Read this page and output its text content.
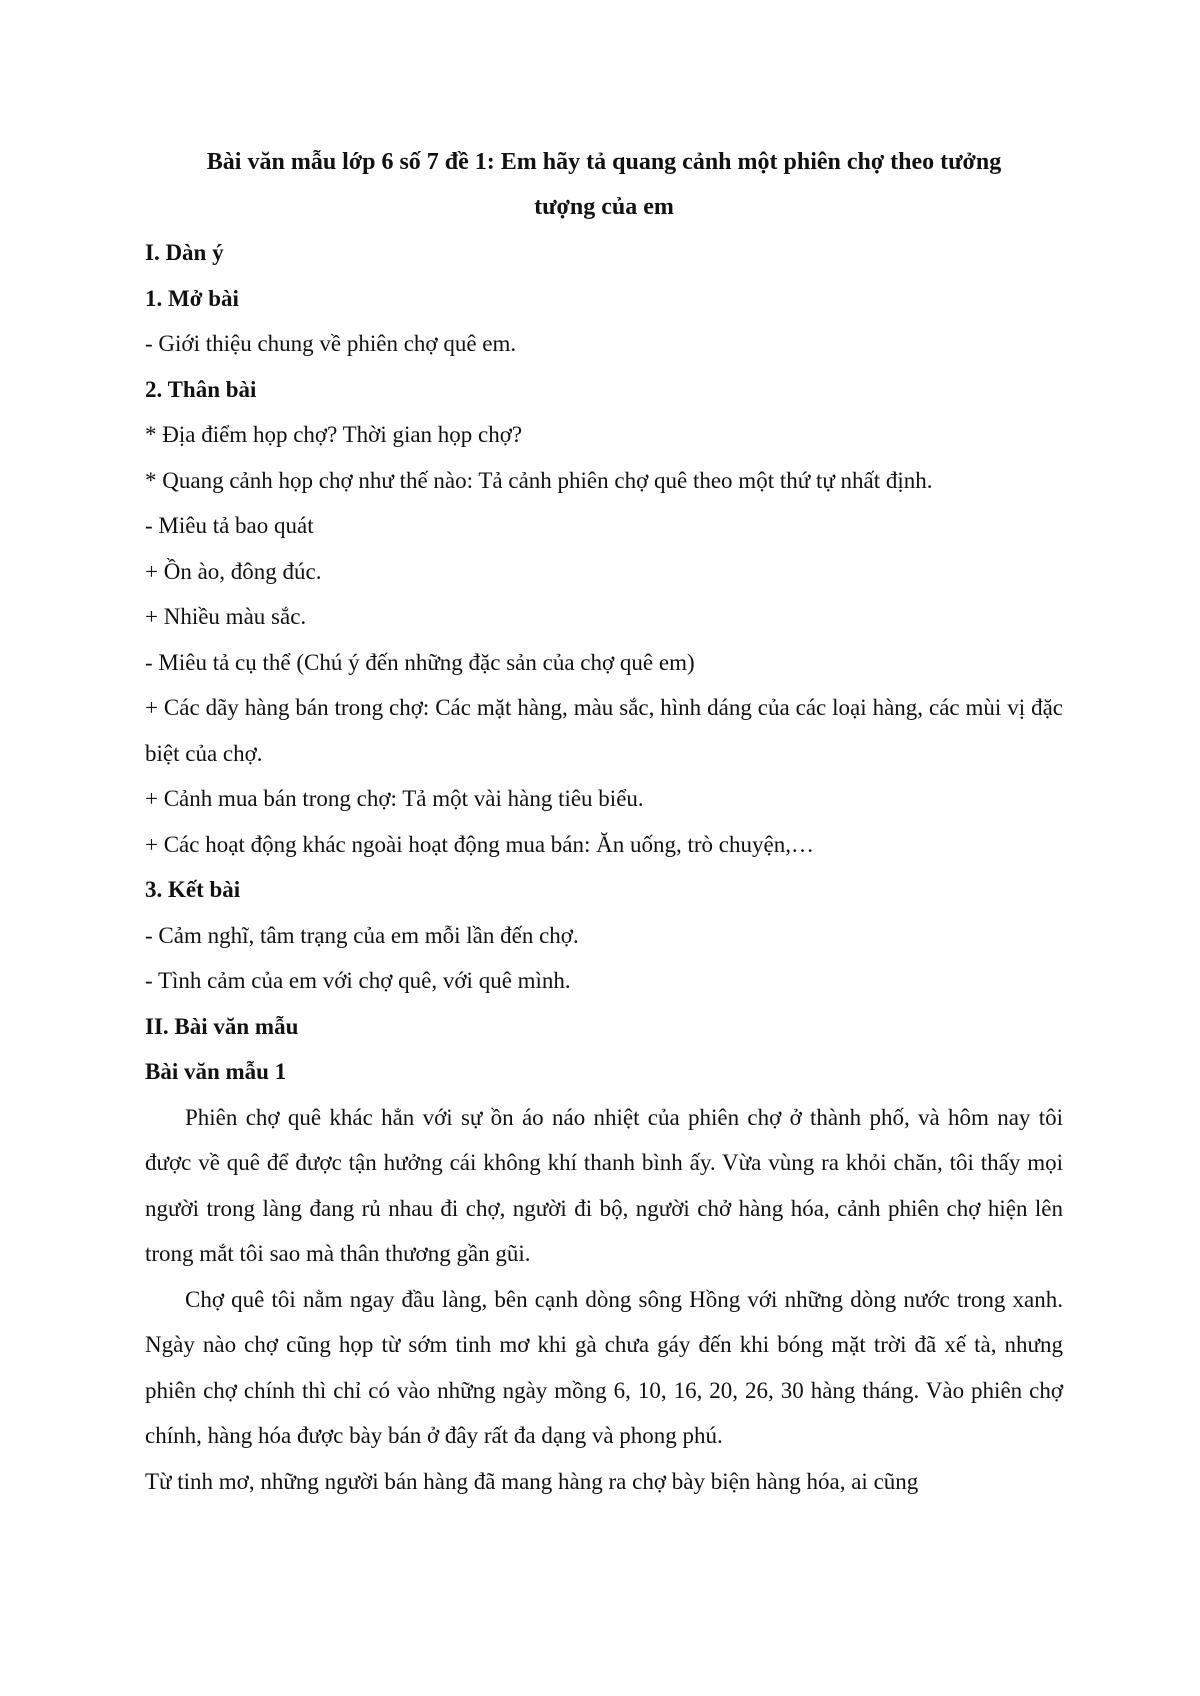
Bài văn mẫu lớp 6 số 7 đề 1: Em hãy tả quang cảnh một phiên chợ theo tưởng

tượng của em

I. Dàn ý

1. Mở bài

- Giới thiệu chung về phiên chợ quê em.

2. Thân bài

* Địa điểm họp chợ? Thời gian họp chợ?

* Quang cảnh họp chợ như thế nào: Tả cảnh phiên chợ quê theo một thứ tự nhất định.

- Miêu tả bao quát

+ Ồn ào, đông đúc.

+ Nhiều màu sắc.

- Miêu tả cụ thể (Chú ý đến những đặc sản của chợ quê em)

+ Các dãy hàng bán trong chợ: Các mặt hàng, màu sắc, hình dáng của các loại hàng, các mùi vị đặc biệt của chợ.

+ Cảnh mua bán trong chợ: Tả một vài hàng tiêu biểu.

+ Các hoạt động khác ngoài hoạt động mua bán: Ăn uống, trò chuyện,…

3. Kết bài

- Cảm nghĩ, tâm trạng của em mỗi lần đến chợ.

- Tình cảm của em với chợ quê, với quê mình.

II. Bài văn mẫu

Bài văn mẫu 1

Phiên chợ quê khác hẳn với sự ồn áo náo nhiệt của phiên chợ ở thành phố, và hôm nay tôi được về quê để được tận hưởng cái không khí thanh bình ấy. Vừa vùng ra khỏi chăn, tôi thấy mọi người trong làng đang rủ nhau đi chợ, người đi bộ, người chở hàng hóa, cảnh phiên chợ hiện lên trong mắt tôi sao mà thân thương gần gũi.

Chợ quê tôi nằm ngay đầu làng, bên cạnh dòng sông Hồng với những dòng nước trong xanh. Ngày nào chợ cũng họp từ sớm tinh mơ khi gà chưa gáy đến khi bóng mặt trời đã xế tà, nhưng phiên chợ chính thì chỉ có vào những ngày mồng 6, 10, 16, 20, 26, 30 hàng tháng. Vào phiên chợ chính, hàng hóa được bày bán ở đây rất đa dạng và phong phú.

Từ tinh mơ, những người bán hàng đã mang hàng ra chợ bày biện hàng hóa, ai cũng
